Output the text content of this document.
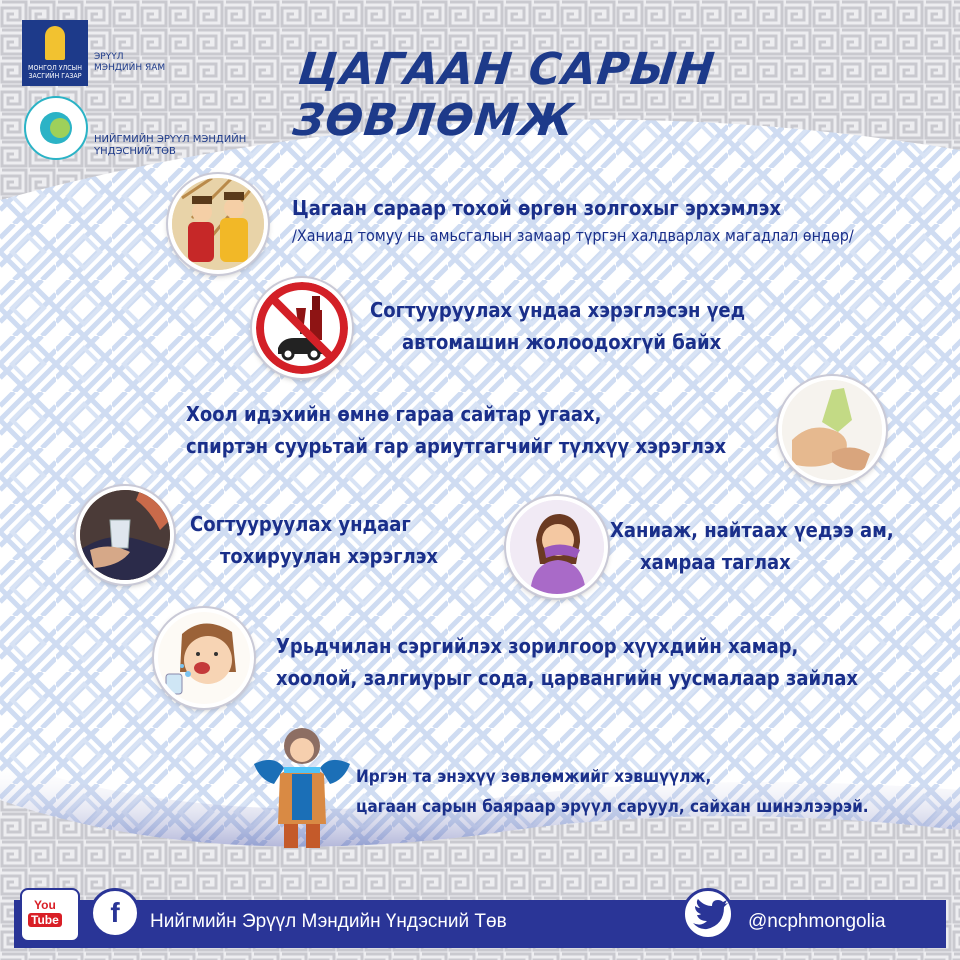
МОНГОЛ УЛСЫН
ЗАСГИЙН ГАЗАР
ЭРҮҮЛ
МЭНДИЙН ЯАМ
НИЙГМИЙН ЭРҮҮЛ МЭНДИЙН
ҮНДЭСНИЙ ТӨВ
ЦАГААН САРЫН ЗӨВЛӨМЖ
Цагаан сараар тохой өргөн золгохыг эрхэмлэх
/Ханиад томуу нь амьсгалын замаар түргэн халдварлах магадлал өндөр/
Согтууруулах ундаа хэрэглэсэн үед
автомашин жолоодохгүй байх
Хоол идэхийн өмнө гараа сайтар угаах,
спиртэн суурьтай гар ариутгагчийг түлхүү хэрэглэх
Согтууруулах ундааг
тохируулан хэрэглэх
Ханиаж, найтаах үедээ ам,
хамраа таглах
Урьдчилан сэргийлэх зорилгоор хүүхдийн хамар,
хоолой, залгиурыг сода, царвангийн уусмалаар зайлах
Иргэн та энэхүү зөвлөмжийг хэвшүүлж,
цагаан сарын баяраар эрүүл саруул, сайхан шинэлээрэй.
You
Tube	f	Нийгмийн Эрүүл Мэндийн Үндэсний Төв	@ncphmongolia
